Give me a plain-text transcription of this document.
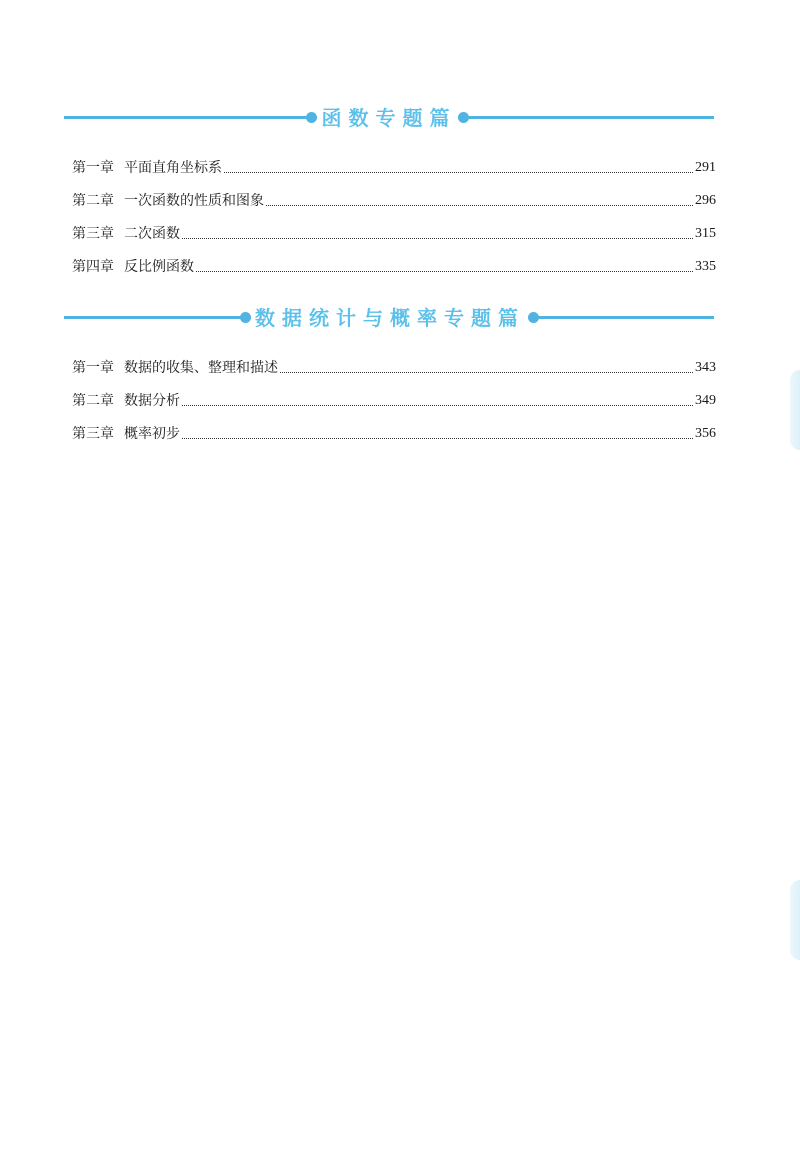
函数专题篇
第一章 平面直角坐标系	291
第二章 一次函数的性质和图象	296
第三章 二次函数	315
第四章 反比例函数	335
数据统计与概率专题篇
第一章 数据的收集、整理和描述	343
第二章 数据分析	349
第三章 概率初步	356
